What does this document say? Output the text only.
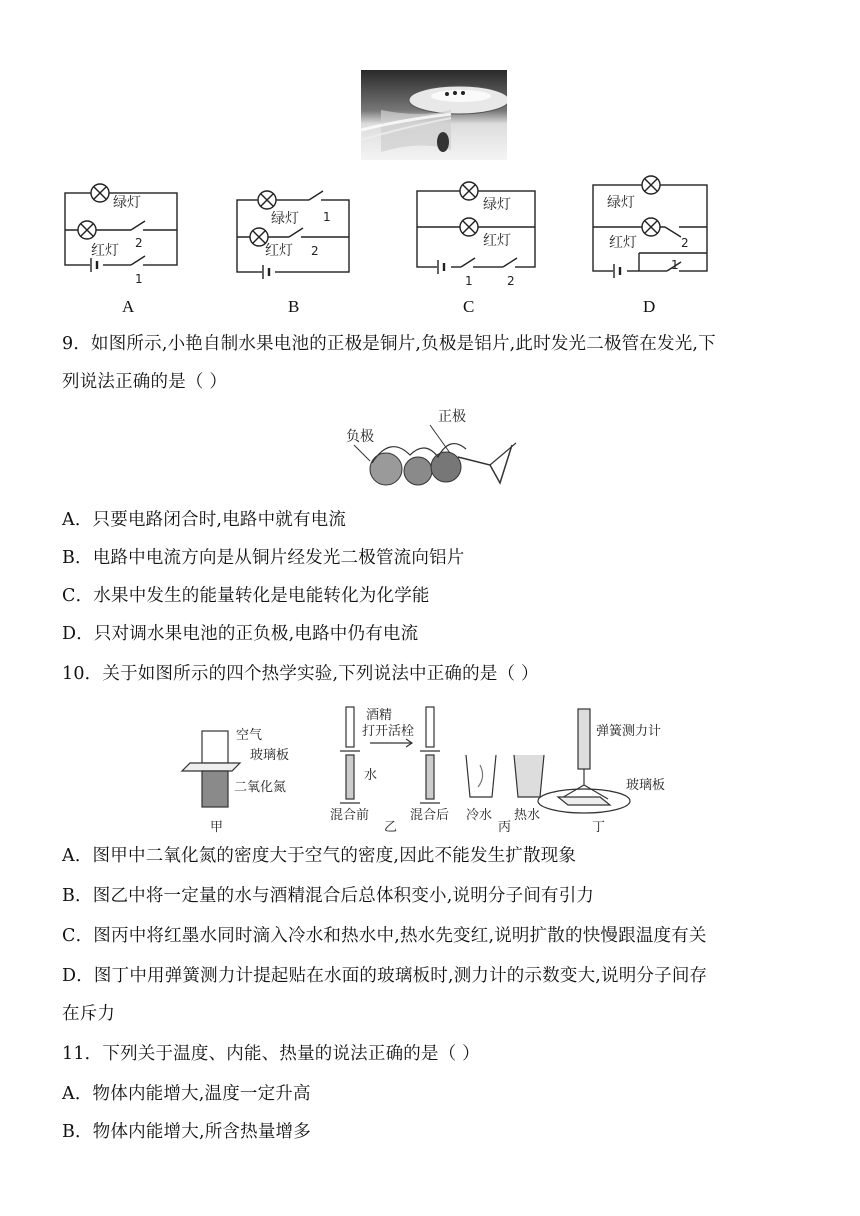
绿灯
红灯 2
1
绿灯
红灯
1
2
绿灯
红灯
1	2
绿灯
红灯	2
1
A	B	C	D
9．如图所示,小艳自制水果电池的正极是铜片,负极是铝片,此时发光二极管在发光,下
列说法正确的是（ ）
负极
正极
A．只要电路闭合时,电路中就有电流
B．电路中电流方向是从铜片经发光二极管流向铝片
C．水果中发生的能量转化是电能转化为化学能
D．只对调水果电池的正负极,电路中仍有电流
10．关于如图所示的四个热学实验,下列说法中正确的是（ ）
空气
玻璃板
二氧化氮
甲
酒精
打开活栓
水
混合前	混合后
乙
冷水 热水
丙
弹簧测力计
玻璃板
丁
A．图甲中二氧化氮的密度大于空气的密度,因此不能发生扩散现象
B．图乙中将一定量的水与酒精混合后总体积变小,说明分子间有引力
C．图丙中将红墨水同时滴入冷水和热水中,热水先变红,说明扩散的快慢跟温度有关
D．图丁中用弹簧测力计提起贴在水面的玻璃板时,测力计的示数变大,说明分子间存
在斥力
11．下列关于温度、内能、热量的说法正确的是（ ）
A．物体内能增大,温度一定升高
B．物体内能增大,所含热量增多
